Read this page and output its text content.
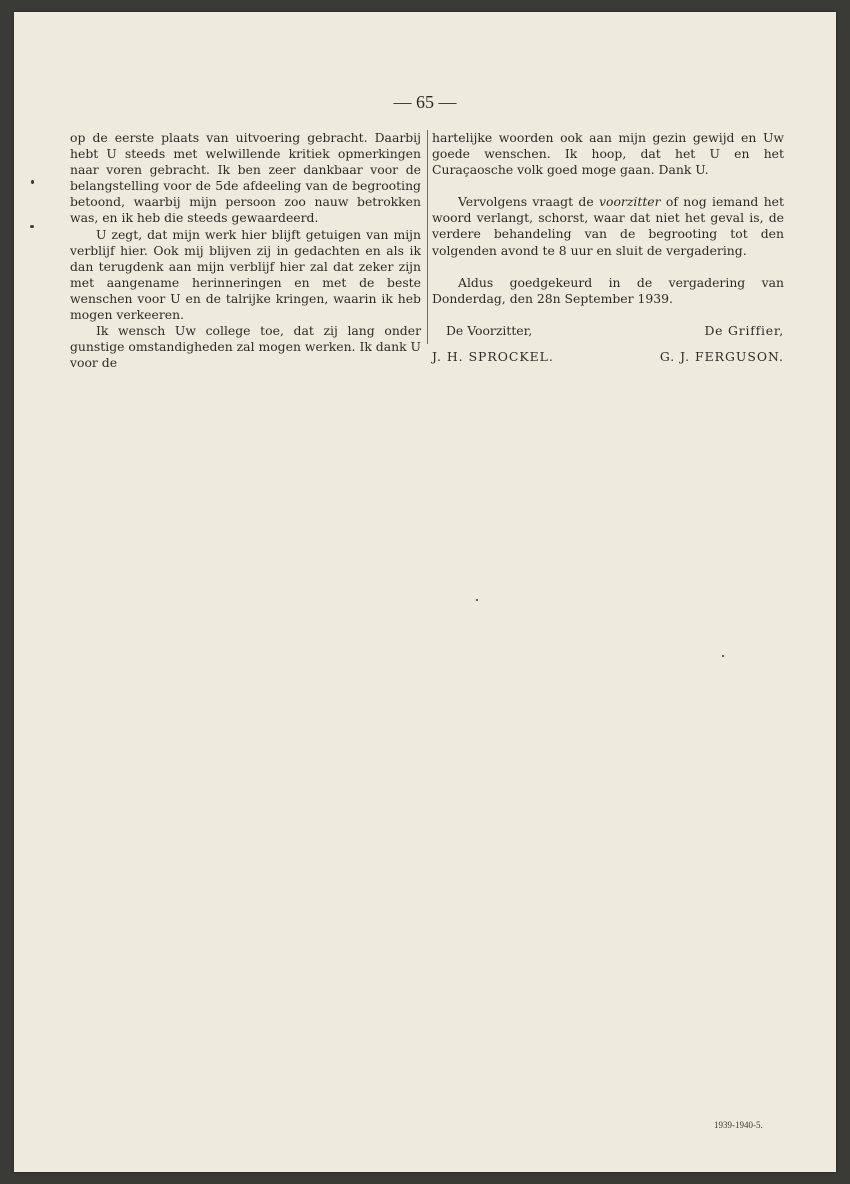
— 65 —

op de eerste plaats van uitvoering gebracht. Daarbij hebt U steeds met welwillende kritiek opmerkingen naar voren gebracht. Ik ben zeer dankbaar voor de belangstelling voor de 5de afdeeling van de begrooting betoond, waarbij mijn persoon zoo nauw betrokken was, en ik heb die steeds gewaardeerd.

U zegt, dat mijn werk hier blijft getuigen van mijn verblijf hier. Ook mij blijven zij in gedachten en als ik dan terugdenk aan mijn verblijf hier zal dat zeker zijn met aangename herinneringen en met de beste wenschen voor U en de talrijke kringen, waarin ik heb mogen verkeeren.

Ik wensch Uw college toe, dat zij lang onder gunstige omstandigheden zal mogen werken. Ik dank U voor de

hartelijke woorden ook aan mijn gezin gewijd en Uw goede wenschen. Ik hoop, dat het U en het Curaçaosche volk goed moge gaan. Dank U.

Vervolgens vraagt de voorzitter of nog iemand het woord verlangt, schorst, waar dat niet het geval is, de verdere behandeling van de begrooting tot den volgenden avond te 8 uur en sluit de vergadering.

Aldus goedgekeurd in de vergadering van Donderdag, den 28n September 1939.

De Voorzitter,	De Griffier,
J. H. SPROCKEL.	G. J. FERGUSON.
1939-1940-5.
